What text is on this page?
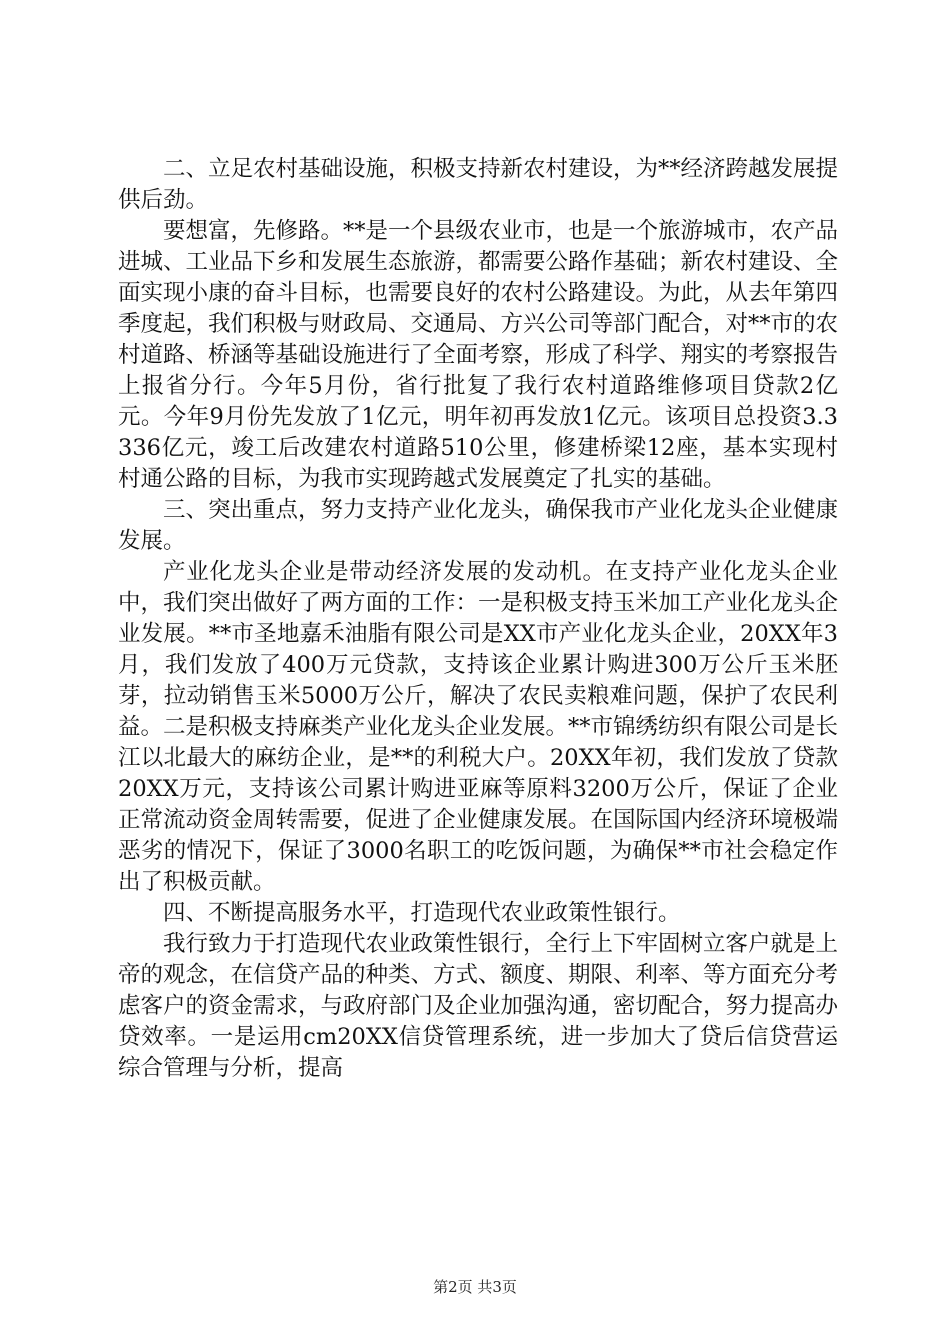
二、立足农村基础设施，积极支持新农村建设，为**经济跨越发展提供后劲。

要想富，先修路。**是一个县级农业市，也是一个旅游城市，农产品进城、工业品下乡和发展生态旅游，都需要公路作基础；新农村建设、全面实现小康的奋斗目标，也需要良好的农村公路建设。为此，从去年第四季度起，我们积极与财政局、交通局、方兴公司等部门配合，对**市的农村道路、桥涵等基础设施进行了全面考察，形成了科学、翔实的考察报告上报省分行。今年5月份，省行批复了我行农村道路维修项目贷款2亿元。今年9月份先发放了1亿元，明年初再发放1亿元。该项目总投资3.3336亿元，竣工后改建农村道路510公里，修建桥梁12座，基本实现村村通公路的目标，为我市实现跨越式发展奠定了扎实的基础。

三、突出重点，努力支持产业化龙头，确保我市产业化龙头企业健康发展。

产业化龙头企业是带动经济发展的发动机。在支持产业化龙头企业中，我们突出做好了两方面的工作：一是积极支持玉米加工产业化龙头企业发展。**市圣地嘉禾油脂有限公司是XX市产业化龙头企业，20XX年3月，我们发放了400万元贷款，支持该企业累计购进300万公斤玉米胚芽，拉动销售玉米5000万公斤，解决了农民卖粮难问题，保护了农民利益。二是积极支持麻类产业化龙头企业发展。**市锦绣纺织有限公司是长江以北最大的麻纺企业，是**的利税大户。20XX年初，我们发放了贷款20XX万元，支持该公司累计购进亚麻等原料3200万公斤，保证了企业正常流动资金周转需要，促进了企业健康发展。在国际国内经济环境极端恶劣的情况下，保证了3000名职工的吃饭问题，为确保**市社会稳定作出了积极贡献。

四、不断提高服务水平，打造现代农业政策性银行。

我行致力于打造现代农业政策性银行，全行上下牢固树立客户就是上帝的观念，在信贷产品的种类、方式、额度、期限、利率、等方面充分考虑客户的资金需求，与政府部门及企业加强沟通，密切配合，努力提高办贷效率。一是运用cm20XX信贷管理系统，进一步加大了贷后信贷营运综合管理与分析，提高

第2页 共3页
